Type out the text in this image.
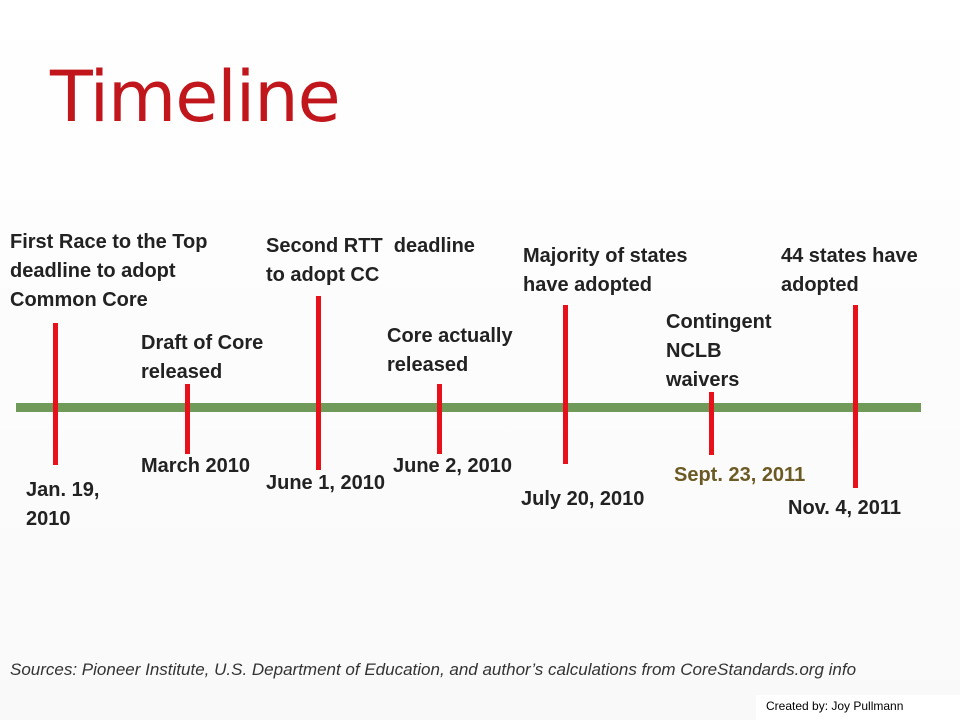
Timeline
First Race to the Top
deadline to adopt
Common Core
Jan. 19,
2010
Draft of Core
released
March 2010
Second RTT  deadline
to adopt CC
June 1, 2010
Core actually
released
June 2, 2010
Majority of states
have adopted
July 20, 2010
Contingent
NCLB
waivers
Sept. 23, 2011
44 states have
adopted
Nov. 4, 2011
Sources: Pioneer Institute, U.S. Department of Education, and author’s calculations from CoreStandards.org info
Created by: Joy Pullmann
